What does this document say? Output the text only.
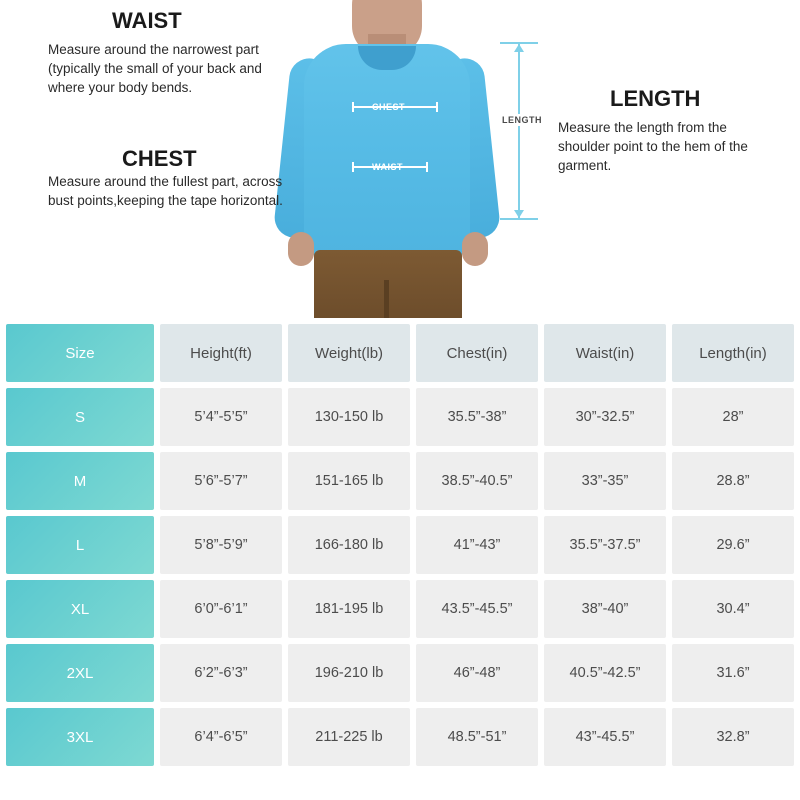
CHEST
WAIST
LENGTH
WAIST
Measure around the narrowest part (typically the small of your back and where your body bends.
CHEST
Measure around the fullest part, across bust points,keeping the tape horizontal.
LENGTH
Measure the length from the shoulder point to the hem of the garment.
Size	Height(ft)	Weight(lb)	Chest(in)	Waist(in)	Length(in)
S	5’4”-5’5”	130-150 lb	35.5”-38”	30”-32.5”	28”
M	5’6”-5’7”	151-165 lb	38.5”-40.5”	33”-35”	28.8”
L	5’8”-5’9”	166-180 lb	41”-43”	35.5”-37.5”	29.6”
XL	6’0”-6’1”	181-195 lb	43.5”-45.5”	38”-40”	30.4”
2XL	6’2”-6’3”	196-210 lb	46”-48”	40.5”-42.5”	31.6”
3XL	6’4”-6’5”	211-225 lb	48.5”-51”	43”-45.5”	32.8”
